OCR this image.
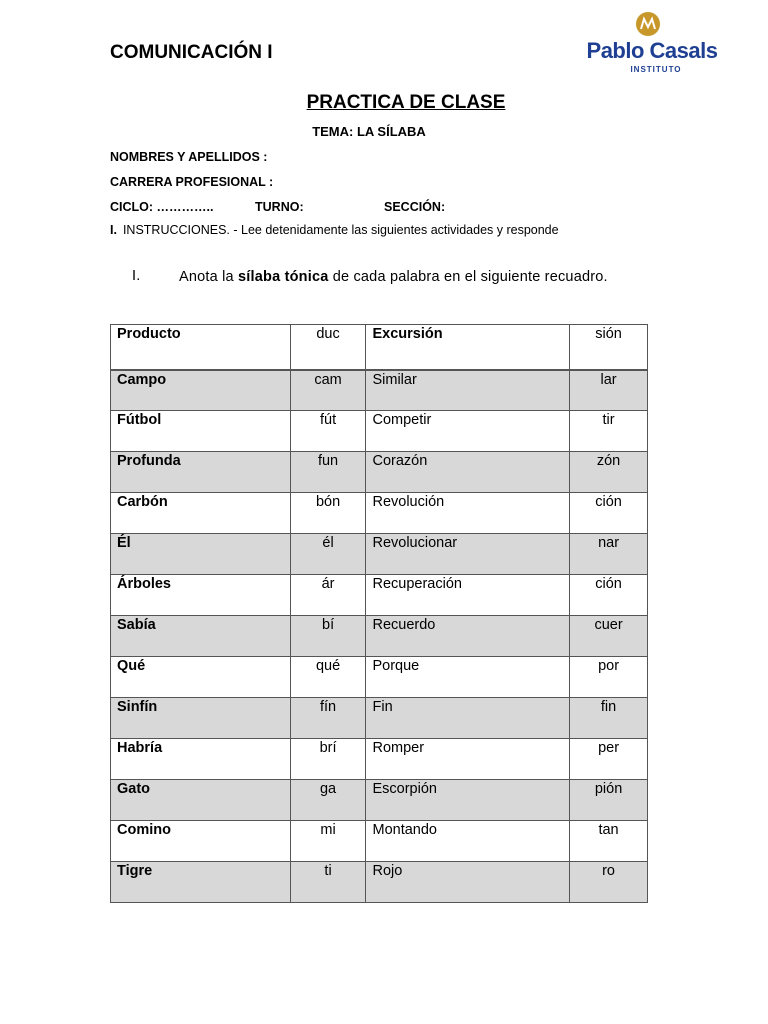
COMUNICACIÓN I	Pablo Casals
INSTITUTO
PRACTICA DE CLASE
TEMA: LA SÍLABA
NOMBRES Y APELLIDOS :
CARRERA PROFESIONAL :
CICLO: …………..	TURNO:	SECCIÓN:
I. INSTRUCCIONES. - Lee detenidamente las siguientes actividades y responde
I.	Anota la sílaba tónica de cada palabra en el siguiente recuadro.
Producto	duc	Excursión	sión
Campo	cam	Similar	lar
Fútbol	fút	Competir	tir
Profunda	fun	Corazón	zón
Carbón	bón	Revolución	ción
Él	él	Revolucionar	nar
Árboles	ár	Recuperación	ción
Sabía	bí	Recuerdo	cuer
Qué	qué	Porque	por
Sinfín	fín	Fin	fin
Habría	brí	Romper	per
Gato	ga	Escorpión	pión
Comino	mi	Montando	tan
Tigre	ti	Rojo	ro
